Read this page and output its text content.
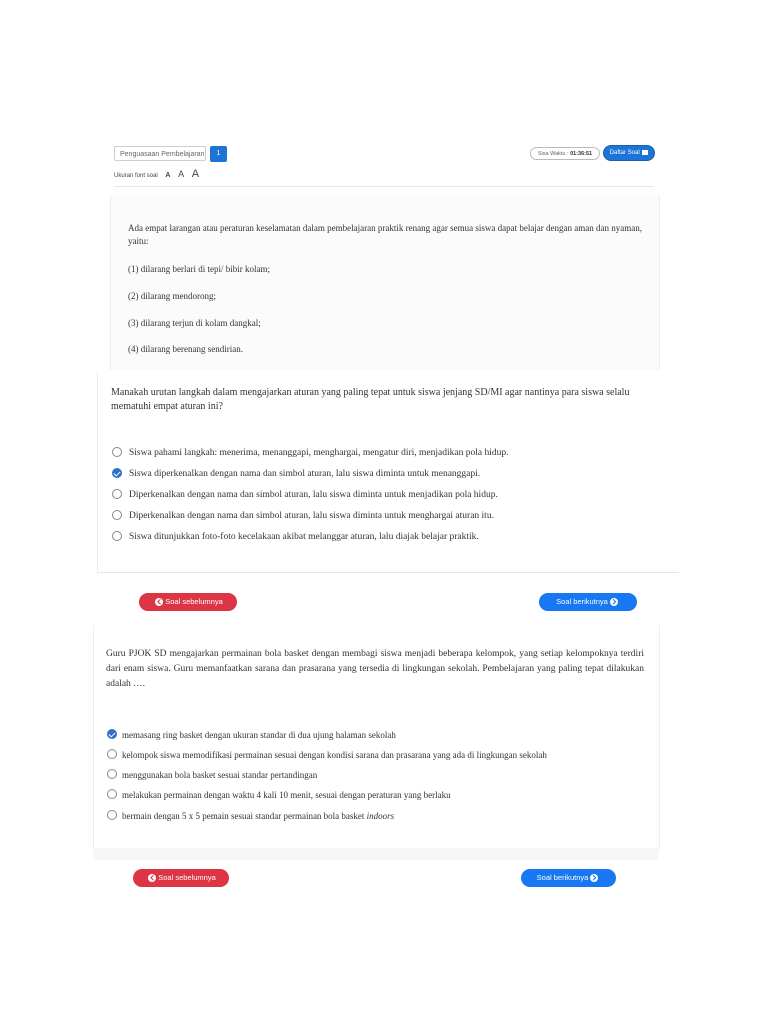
Penguasaan Pembelajaran	1
Ukuran font soal A A A
Sisa Waktu : 01:36:51	Daftar Soal
Ada empat larangan atau peraturan keselamatan dalam pembelajaran praktik renang agar semua siswa dapat belajar dengan aman dan nyaman, yaitu:
(1) dilarang berlari di tepi/ bibir kolam;
(2) dilarang mendorong;
(3) dilarang terjun di kolam dangkal;
(4) dilarang berenang sendirian.
Manakah urutan langkah dalam mengajarkan aturan yang paling tepat untuk siswa jenjang SD/MI agar nantinya para siswa selalu mematuhi empat aturan ini?
Siswa pahami langkah: menerima, menanggapi, menghargai, mengatur diri, menjadikan pola hidup.
Siswa diperkenalkan dengan nama dan simbol aturan, lalu siswa diminta untuk menanggapi.
Diperkenalkan dengan nama dan simbol aturan, lalu siswa diminta untuk menjadikan pola hidup.
Diperkenalkan dengan nama dan simbol aturan, lalu siswa diminta untuk menghargai aturan itu.
Siswa ditunjukkan foto-foto kecelakaan akibat melanggar aturan, lalu diajak belajar praktik.
Soal sebelumnya	Soal berikutnya
Guru PJOK SD mengajarkan permainan bola basket dengan membagi siswa menjadi beberapa kelompok, yang setiap kelompoknya terdiri dari enam siswa. Guru memanfaatkan sarana dan prasarana yang tersedia di lingkungan sekolah. Pembelajaran yang paling tepat dilakukan adalah ….
memasang ring basket dengan ukuran standar di dua ujung halaman sekolah
kelompok siswa memodifikasi permainan sesuai dengan kondisi sarana dan prasarana yang ada di lingkungan sekolah
menggunakan bola basket sesuai standar pertandingan
melakukan permainan dengan waktu 4 kali 10 menit, sesuai dengan peraturan yang berlaku
bermain dengan 5 x 5 pemain sesuai standar permainan bola basket indoors
Soal sebelumnya	Soal berikutnya
